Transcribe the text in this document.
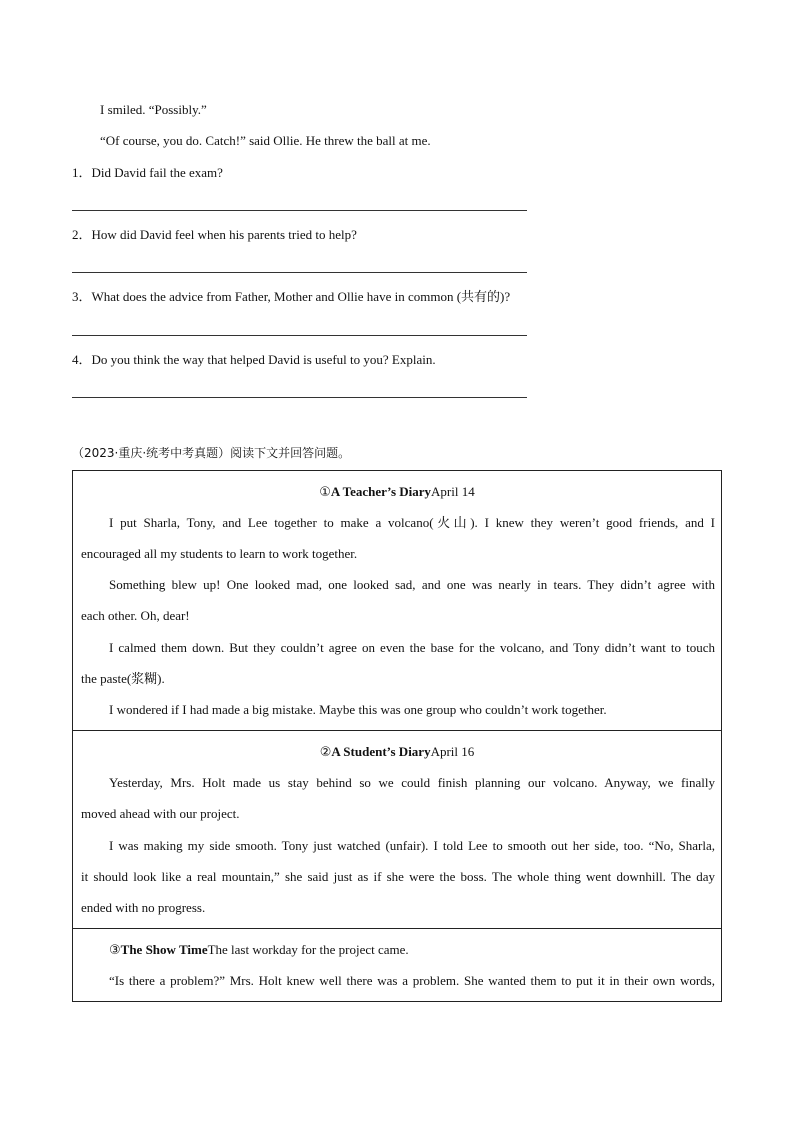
I smiled. “Possibly.”
“Of course, you do. Catch!” said Ollie. He threw the ball at me.
1．Did David fail the exam?
2．How did David feel when his parents tried to help?
3．What does the advice from Father, Mother and Ollie have in common (共有的)?
4．Do you think the way that helped David is useful to you? Explain.
（2023·重庆·统考中考真题）阅读下文并回答问题。
①A Teacher’s DiaryApril 14
I put Sharla, Tony, and Lee together to make a volcano(火山). I knew they weren’t good friends, and I
encouraged all my students to learn to work together.
Something blew up! One looked mad, one looked sad, and one was nearly in tears. They didn’t agree with
each other. Oh, dear!
I calmed them down. But they couldn’t agree on even the base for the volcano, and Tony didn’t want to touch
the paste(浆糊).
I wondered if I had made a big mistake. Maybe this was one group who couldn’t work together.
②A Student’s DiaryApril 16
Yesterday, Mrs. Holt made us stay behind so we could finish planning our volcano. Anyway, we finally
moved ahead with our project.
I was making my side smooth. Tony just watched (unfair). I told Lee to smooth out her side, too. “No, Sharla,
it should look like a real mountain,” she said just as if she were the boss. The whole thing went downhill. The day
ended with no progress.
③The Show TimeThe last workday for the project came.
“Is there a problem?” Mrs. Holt knew well there was a problem. She wanted them to put it in their own words,
